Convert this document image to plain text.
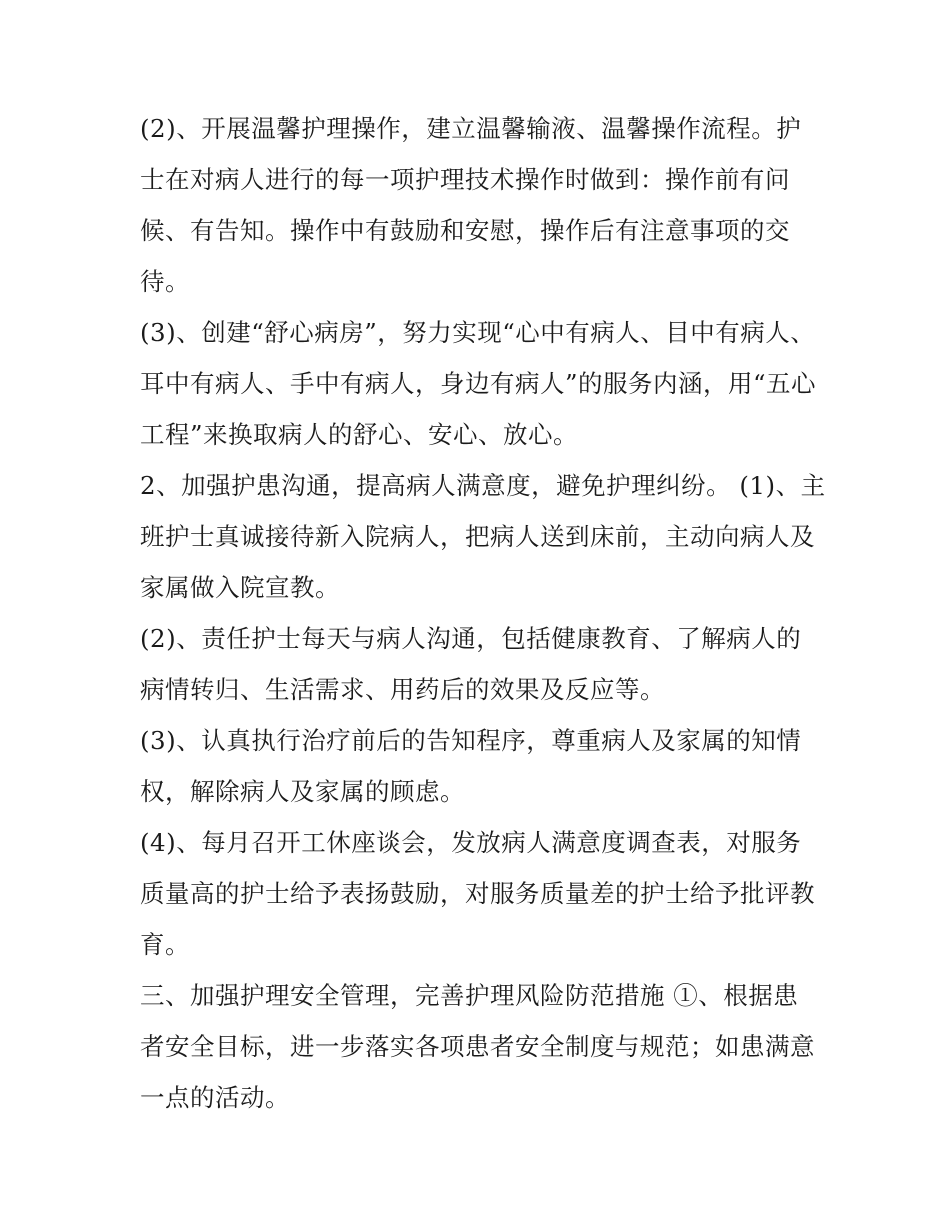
(2)、开展温馨护理操作，建立温馨输液、温馨操作流程。护
士在对病人进行的每一项护理技术操作时做到：操作前有问
候、有告知。操作中有鼓励和安慰，操作后有注意事项的交
待。

(3)、创建“舒心病房”，努力实现“心中有病人、目中有病人、
耳中有病人、手中有病人，身边有病人”的服务内涵，用“五心
工程”来换取病人的舒心、安心、放心。

2、加强护患沟通，提高病人满意度，避免护理纠纷。 (1)、主
班护士真诚接待新入院病人，把病人送到床前，主动向病人及
家属做入院宣教。

(2)、责任护士每天与病人沟通，包括健康教育、了解病人的
病情转归、生活需求、用药后的效果及反应等。

(3)、认真执行治疗前后的告知程序，尊重病人及家属的知情
权，解除病人及家属的顾虑。

(4)、每月召开工休座谈会，发放病人满意度调查表，对服务
质量高的护士给予表扬鼓励，对服务质量差的护士给予批评教
育。

三、加强护理安全管理，完善护理风险防范措施 ①、根据患
者安全目标，进一步落实各项患者安全制度与规范；如患满意
一点的活动。
